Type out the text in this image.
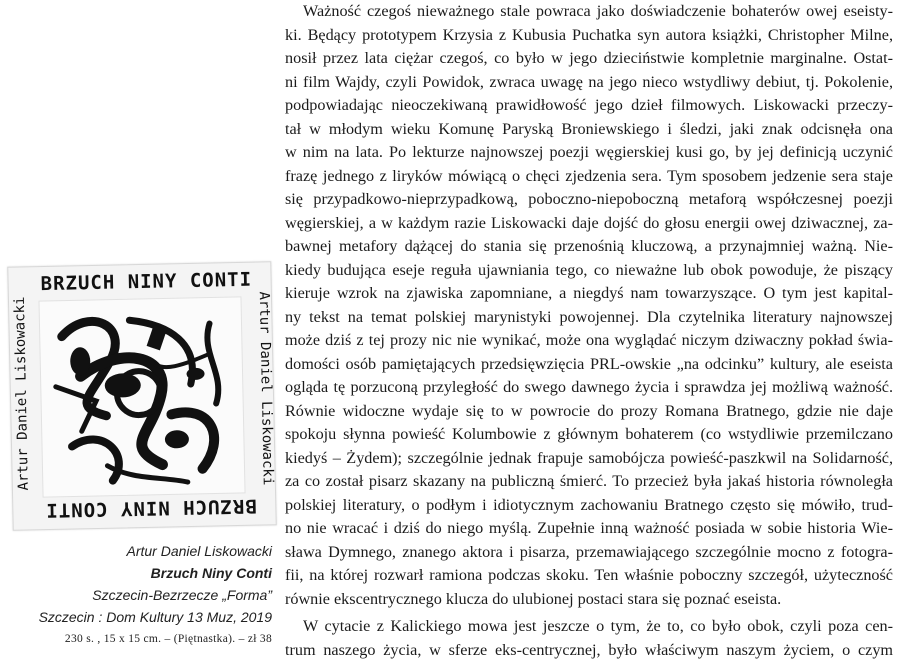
BRZUCH NINY CONTI
BRZUCH NINY CONTI
Artur Daniel Liskowacki	Artur Daniel Liskowacki
Artur Daniel Liskowacki
Brzuch Niny Conti
Szczecin-Bezrzecze „Forma”
Szczecin : Dom Kultury 13 Muz, 2019
230 s. , 15 x 15 cm. – (Piętnastka). – zł 38
Ważność czegoś nieważnego stale powraca jako doświadczenie bohaterów owej eseisty-
ki. Będący prototypem Krzysia z Kubusia Puchatka syn autora książki, Christopher Milne,
nosił przez lata ciężar czegoś, co było w jego dzieciństwie kompletnie marginalne. Ostat-
ni film Wajdy, czyli Powidok, zwraca uwagę na jego nieco wstydliwy debiut, tj. Pokolenie,
podpowiadając nieoczekiwaną prawidłowość jego dzieł filmowych. Liskowacki przeczy-
tał w młodym wieku Komunę Paryską Broniewskiego i śledzi, jaki znak odcisnęła ona
w nim na lata. Po lekturze najnowszej poezji węgierskiej kusi go, by jej definicją uczynić
frazę jednego z liryków mówiącą o chęci zjedzenia sera. Tym sposobem jedzenie sera staje
się przypadkowo-nieprzypadkową, poboczno-niepoboczną metaforą współczesnej poezji
węgierskiej, a w każdym razie Liskowacki daje dojść do głosu energii owej dziwacznej, za-
bawnej metafory dążącej do stania się przenośnią kluczową, a przynajmniej ważną. Nie-
kiedy budująca eseje reguła ujawniania tego, co nieważne lub obok powoduje, że piszący
kieruje wzrok na zjawiska zapomniane, a niegdyś nam towarzyszące. O tym jest kapital-
ny tekst na temat polskiej marynistyki powojennej. Dla czytelnika literatury najnowszej
może dziś z tej prozy nic nie wynikać, może ona wyglądać niczym dziwaczny pokład świa-
domości osób pamiętających przedsięwzięcia PRL-owskie „na odcinku” kultury, ale eseista
ogląda tę porzuconą przyległość do swego dawnego życia i sprawdza jej możliwą ważność.
Równie widoczne wydaje się to w powrocie do prozy Romana Bratnego, gdzie nie daje
spokoju słynna powieść Kolumbowie z głównym bohaterem (co wstydliwie przemilczano
kiedyś – Żydem); szczególnie jednak frapuje samobójcza powieść-paszkwil na Solidarność,
za co został pisarz skazany na publiczną śmierć. To przecież była jakaś historia równoległa
polskiej literatury, o podłym i idiotycznym zachowaniu Bratnego często się mówiło, trud-
no nie wracać i dziś do niego myślą. Zupełnie inną ważność posiada w sobie historia Wie-
sława Dymnego, znanego aktora i pisarza, przemawiającego szczególnie mocno z fotogra-
fii, na której rozwarł ramiona podczas skoku. Ten właśnie poboczny szczegół, użyteczność
równie ekscentrycznego klucza do ulubionej postaci stara się poznać eseista.
W cytacie z Kalickiego mowa jest jeszcze o tym, że to, co było obok, czyli poza cen-
trum naszego życia, w sferze eks-centrycznej, było właściwym naszym życiem, o czym
